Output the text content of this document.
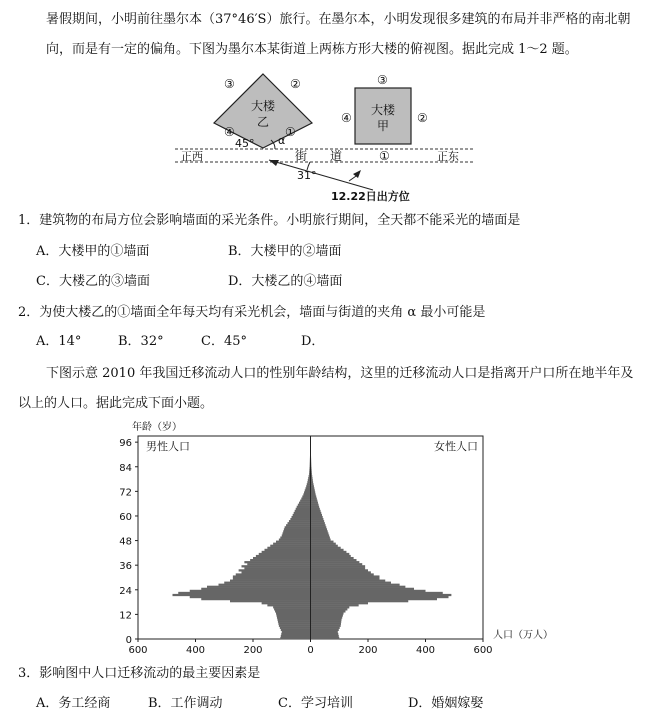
暑假期间，小明前往墨尔本（37°46′S）旅行。在墨尔本，小明发现很多建筑的布局并非严格的南北朝
向，而是有一定的偏角。下图为墨尔本某街道上两栋方形大楼的俯视图。据此完成 1～2 题。
大楼
乙
大楼
甲
③	②
④	①
③
④	②
45° α
正西	正东
街 道	①
31°
12.22日出方位
1．建筑物的布局方位会影响墙面的采光条件。小明旅行期间，全天都不能采光的墙面是
A．大楼甲的①墙面	B．大楼甲的②墙面
C．大楼乙的③墙面	D．大楼乙的④墙面
2．为使大楼乙的①墙面全年每天均有采光机会，墙面与街道的夹角 α 最小可能是
A．14°	B．32°	C．45°	D．
下图示意 2010 年我国迁移流动人口的性别年龄结构，这里的迁移流动人口是指离开户口所在地半年及
以上的人口。据此完成下面小题。
年龄（岁）
人口（万人）
男性人口	女性人口
96
84
72
60
48
36
24
12
0
600	400	200	0	200	400	600
3．影响图中人口迁移流动的最主要因素是
A．务工经商	B．工作调动	C．学习培训	D．婚姻嫁娶
